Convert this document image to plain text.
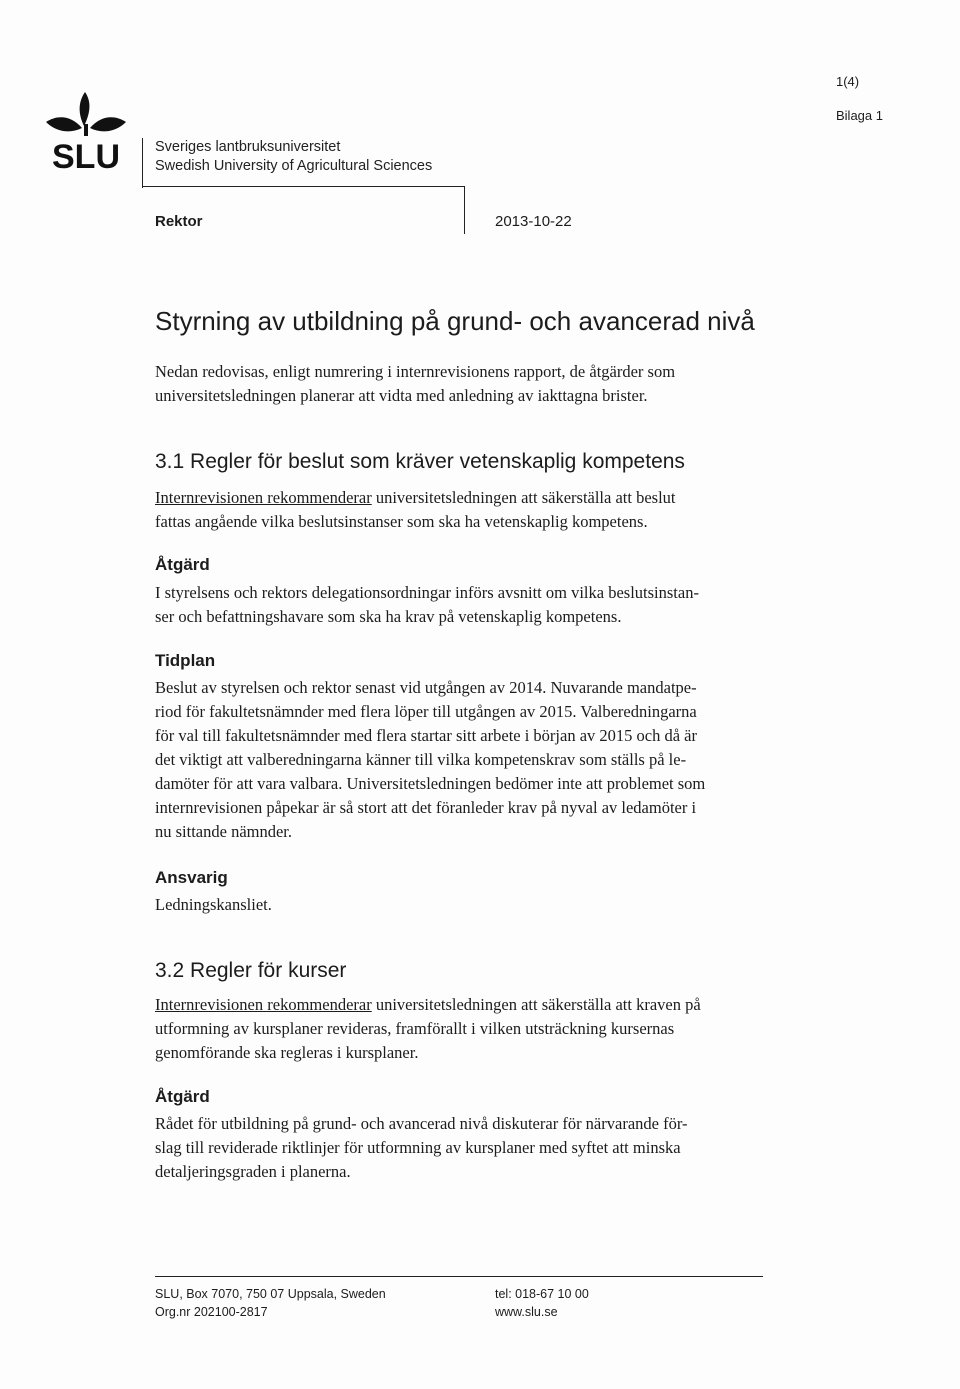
SLU Sveriges lantbruksuniversitet
Swedish University of Agricultural Sciences
Rektor	2013-10-22
1(4)
Bilaga 1
Styrning av utbildning på grund- och avancerad nivå

Nedan redovisas, enligt numrering i internrevisionens rapport, de åtgärder som
universitetsledningen planerar att vidta med anledning av iakttagna brister.

3.1 Regler för beslut som kräver vetenskaplig kompetens

Internrevisionen rekommenderar universitetsledningen att säkerställa att beslut
fattas angående vilka beslutsinstanser som ska ha vetenskaplig kompetens.

Åtgärd

I styrelsens och rektors delegationsordningar införs avsnitt om vilka beslutsinstan-
ser och befattningshavare som ska ha krav på vetenskaplig kompetens.

Tidplan

Beslut av styrelsen och rektor senast vid utgången av 2014. Nuvarande mandatpe-
riod för fakultetsnämnder med flera löper till utgången av 2015. Valberedningarna
för val till fakultetsnämnder med flera startar sitt arbete i början av 2015 och då är
det viktigt att valberedningarna känner till vilka kompetenskrav som ställs på le-
damöter för att vara valbara. Universitetsledningen bedömer inte att problemet som
internrevisionen påpekar är så stort att det föranleder krav på nyval av ledamöter i
nu sittande nämnder.

Ansvarig

Ledningskansliet.

3.2 Regler för kurser

Internrevisionen rekommenderar universitetsledningen att säkerställa att kraven på
utformning av kursplaner revideras, framförallt i vilken utsträckning kursernas
genomförande ska regleras i kursplaner.

Åtgärd

Rådet för utbildning på grund- och avancerad nivå diskuterar för närvarande för-
slag till reviderade riktlinjer för utformning av kursplaner med syftet att minska
detaljeringsgraden i planerna.

SLU, Box 7070, 750 07 Uppsala, Sweden
Org.nr 202100-2817
tel: 018-67 10 00
www.slu.se
